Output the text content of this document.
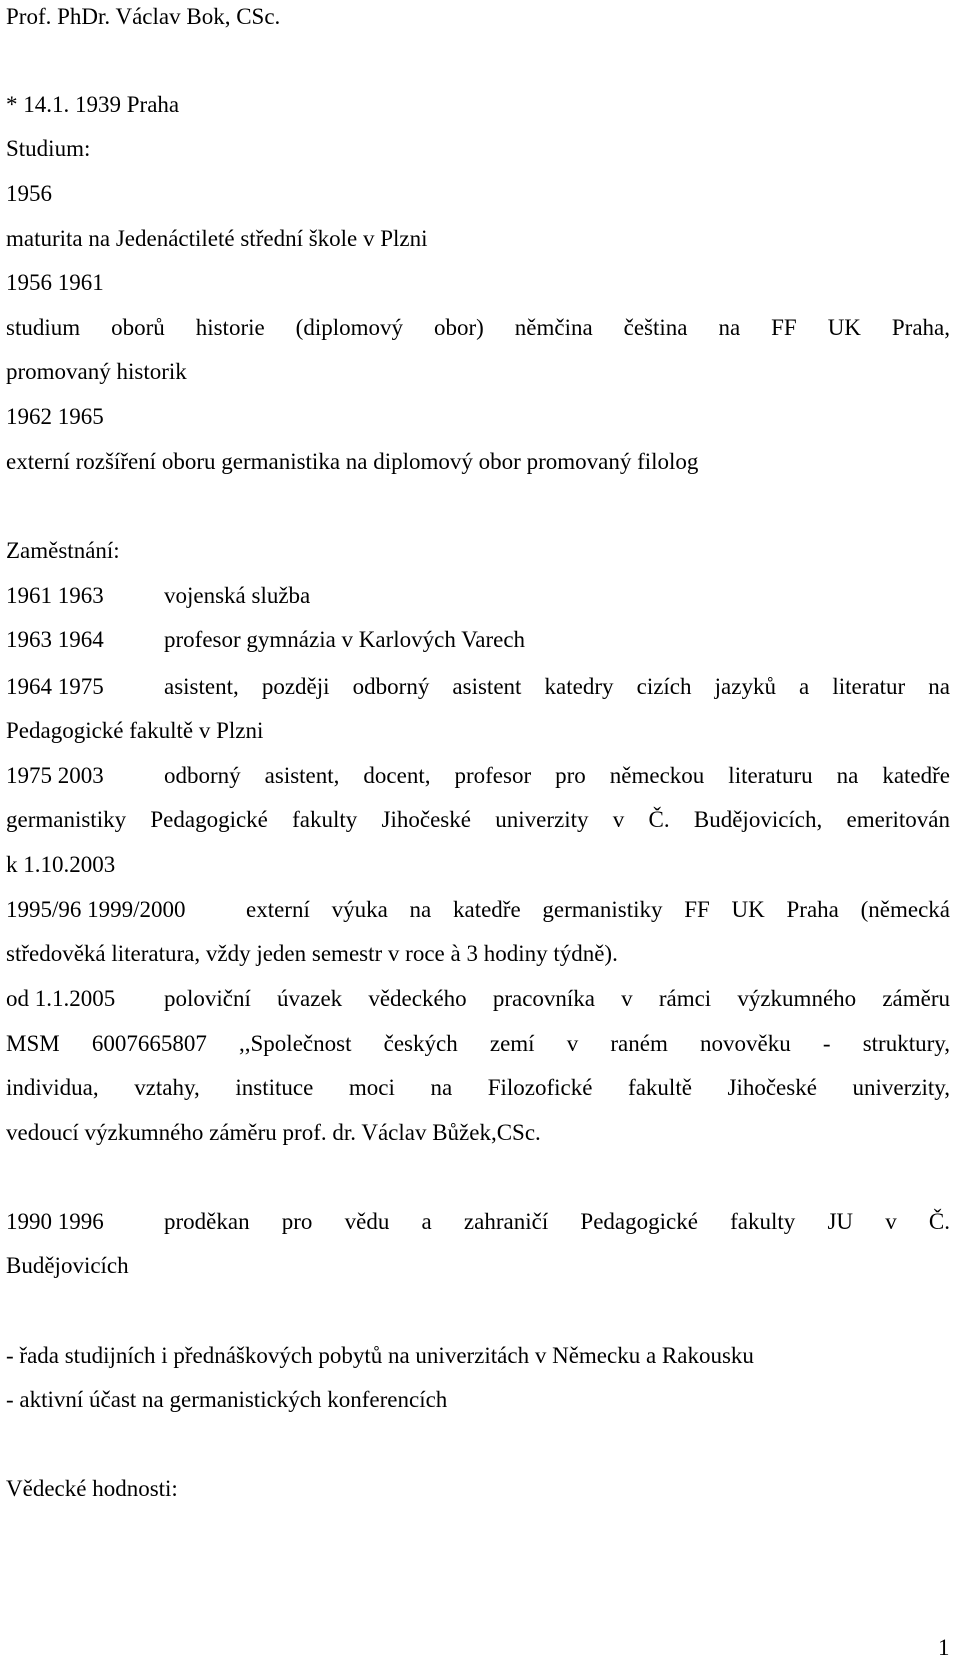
Prof. PhDr. Václav Bok, CSc.
* 14.1. 1939 Praha
Studium:
1956
maturita na Jedenáctileté střední škole v Plzni
1956 1961
studium oborů historie (diplomový obor) němčina čeština na FF UK Praha,
promovaný historik
1962 1965
externí rozšíření oboru germanistika na diplomový obor promovaný filolog
Zaměstnání:
1961 1963	vojenská služba
1963 1964	profesor gymnázia v Karlových Varech
1964 1975	asistent, později odborný asistent katedry cizích jazyků a literatur na
Pedagogické fakultě v Plzni
1975 2003	odborný asistent, docent, profesor pro německou literaturu na katedře
germanistiky Pedagogické fakulty Jihočeské univerzity v Č. Budějovicích, emeritován
k 1.10.2003
1995/96 1999/2000	externí výuka na katedře germanistiky FF UK Praha (německá
středověká literatura, vždy jeden semestr v roce à 3 hodiny týdně).
od 1.1.2005	poloviční úvazek vědeckého pracovníka v rámci výzkumného záměru
MSM 6007665807 ,,Společnost českých zemí v raném novověku - struktury,
individua, vztahy, instituce moci na Filozofické fakultě Jihočeské univerzity,
vedoucí výzkumného záměru prof. dr. Václav Bůžek,CSc.
1990 1996	proděkan pro vědu a zahraničí Pedagogické fakulty JU v Č.
Budějovicích
- řada studijních i přednáškových pobytů na univerzitách v Německu a Rakousku
- aktivní účast na germanistických konferencích
Vědecké hodnosti:
1
